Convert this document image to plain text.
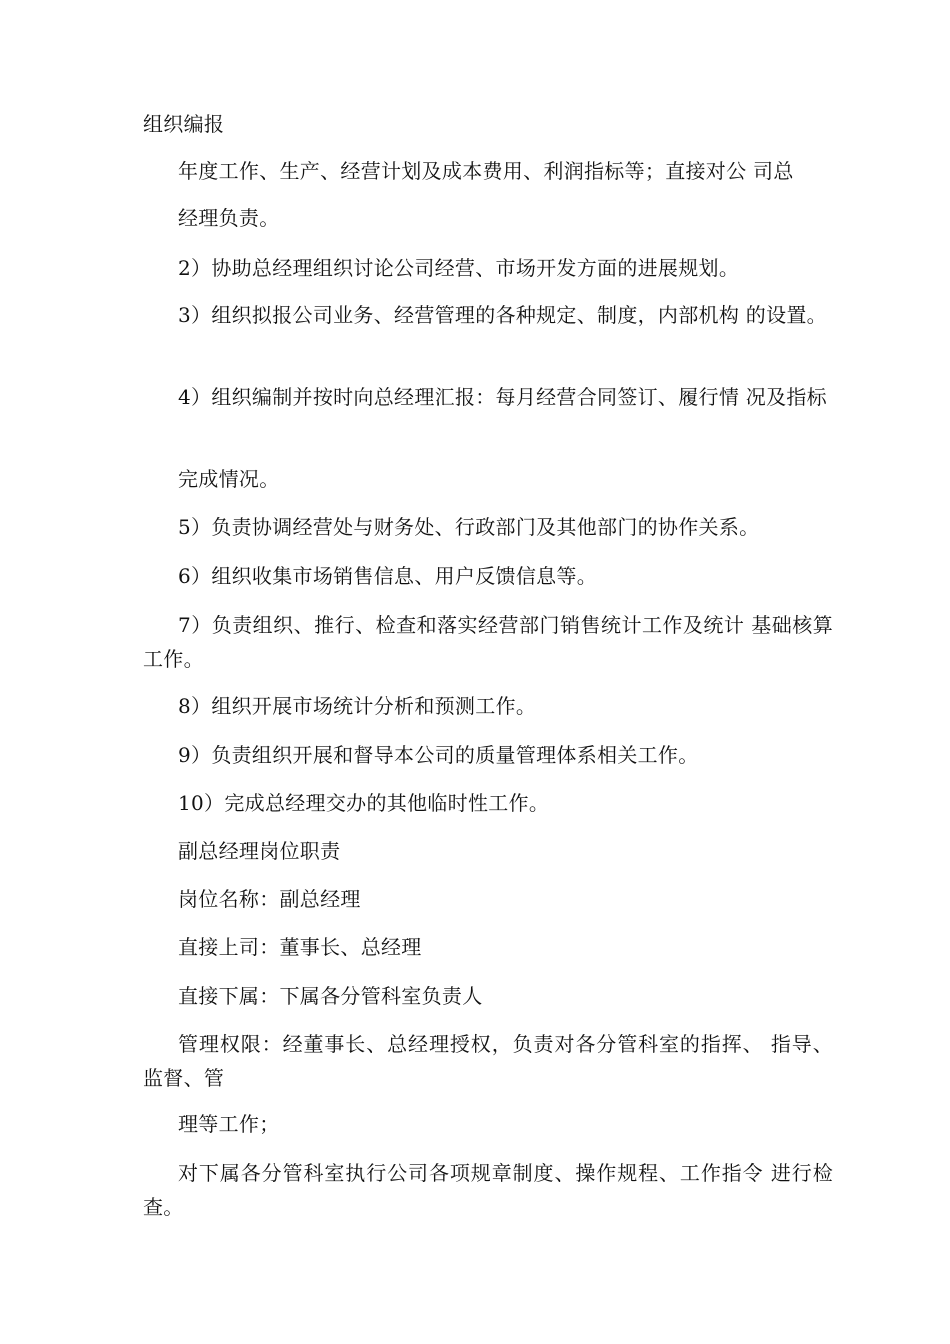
组织编报

年度工作、生产、经营计划及成本费用、利润指标等；直接对公 司总

经理负责。

2）协助总经理组织讨论公司经营、市场开发方面的进展规划。

3）组织拟报公司业务、经营管理的各种规定、制度，内部机构 的设置。

4）组织编制并按时向总经理汇报：每月经营合同签订、履行情 况及指标

完成情况。

5）负责协调经营处与财务处、行政部门及其他部门的协作关系。

6）组织收集市场销售信息、用户反馈信息等。

7）负责组织、推行、检查和落实经营部门销售统计工作及统计 基础核算工作。

8）组织开展市场统计分析和预测工作。

9）负责组织开展和督导本公司的质量管理体系相关工作。

10）完成总经理交办的其他临时性工作。

副总经理岗位职责

岗位名称：副总经理

直接上司：董事长、总经理

直接下属：下属各分管科室负责人

管理权限：经董事长、总经理授权，负责对各分管科室的指挥、 指导、监督、管

理等工作；

对下属各分管科室执行公司各项规章制度、操作规程、工作指令 进行检查。
